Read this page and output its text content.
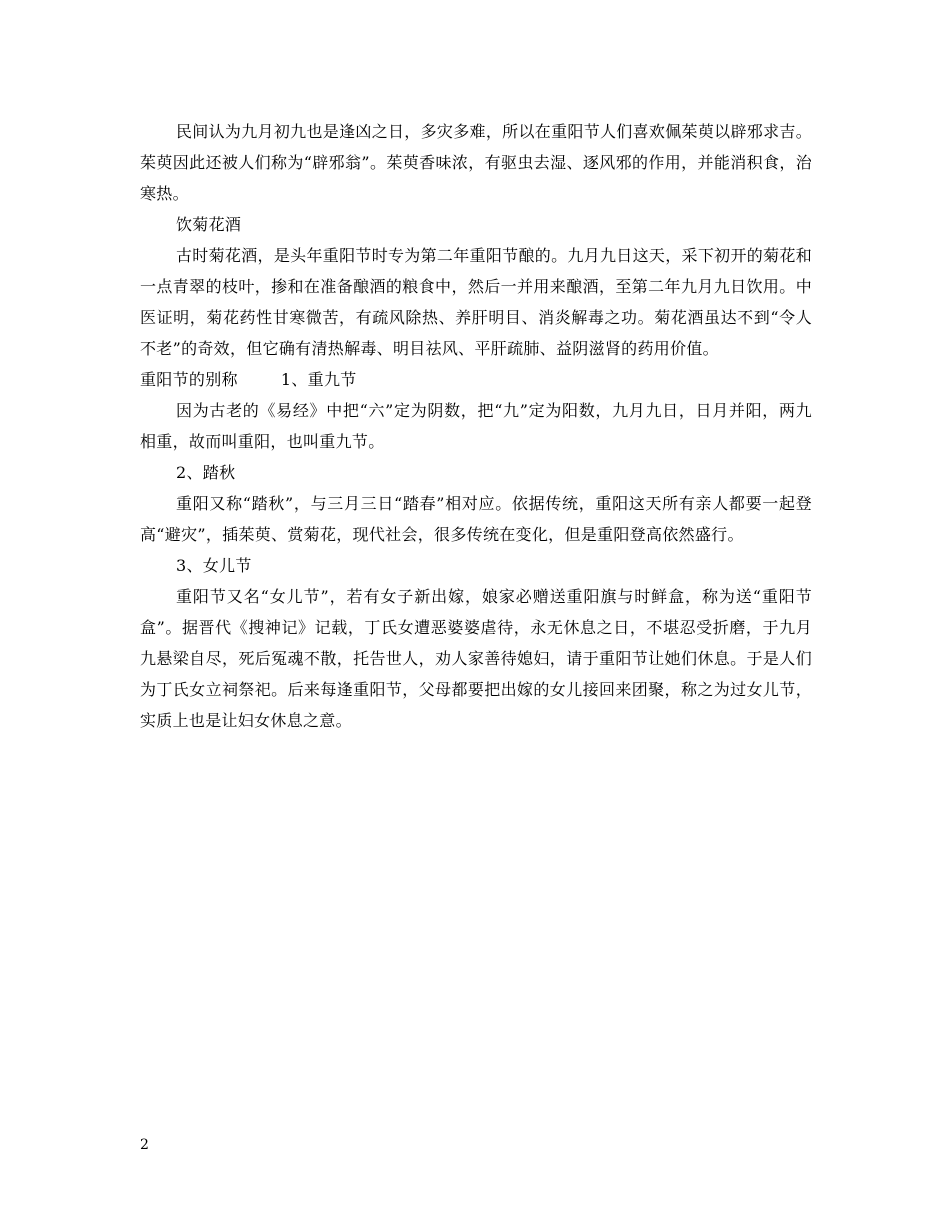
民间认为九月初九也是逢凶之日，多灾多难，所以在重阳节人们喜欢佩茱萸以辟邪求吉。茱萸因此还被人们称为“辟邪翁”。茱萸香味浓，有驱虫去湿、逐风邪的作用，并能消积食，治寒热。

饮菊花酒

古时菊花酒，是头年重阳节时专为第二年重阳节酿的。九月九日这天，采下初开的菊花和一点青翠的枝叶，掺和在准备酿酒的粮食中，然后一并用来酿酒，至第二年九月九日饮用。中医证明，菊花药性甘寒微苦，有疏风除热、养肝明目、消炎解毒之功。菊花酒虽达不到“令人不老”的奇效，但它确有清热解毒、明目祛风、平肝疏肺、益阴滋肾的药用价值。

重阳节的别称	1、重九节

因为古老的《易经》中把“六”定为阴数，把“九”定为阳数，九月九日，日月并阳，两九相重，故而叫重阳，也叫重九节。

2、踏秋

重阳又称“踏秋”，与三月三日“踏春”相对应。依据传统，重阳这天所有亲人都要一起登高“避灾”，插茱萸、赏菊花，现代社会，很多传统在变化，但是重阳登高依然盛行。

3、女儿节

重阳节又名“女儿节”，若有女子新出嫁，娘家必赠送重阳旗与时鲜盒，称为送“重阳节盒”。据晋代《搜神记》记载，丁氏女遭恶婆婆虐待，永无休息之日，不堪忍受折磨，于九月九悬梁自尽，死后冤魂不散，托告世人，劝人家善待媳妇，请于重阳节让她们休息。于是人们为丁氏女立祠祭祀。后来每逢重阳节，父母都要把出嫁的女儿接回来团聚，称之为过女儿节，实质上也是让妇女休息之意。

2
